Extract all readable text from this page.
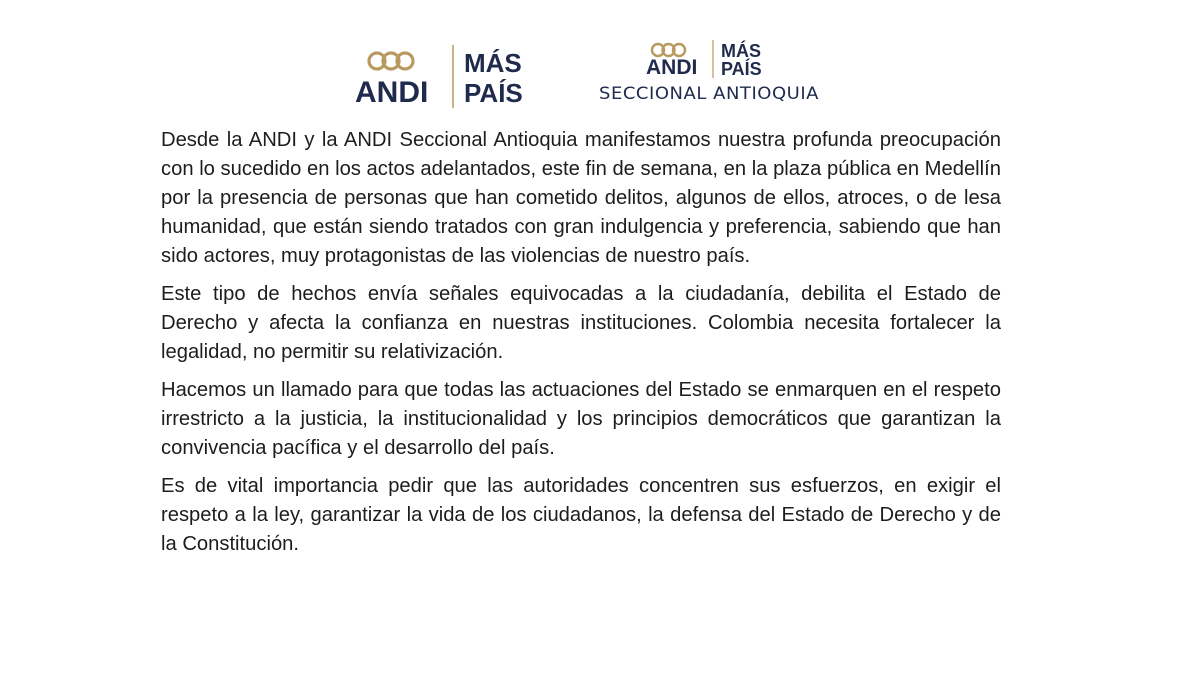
ANDI
MÁS
PAÍS
ANDI
MÁS
PAÍS
SECCIONAL ANTIOQUIA

Desde la ANDI y la ANDI Seccional Antioquia manifestamos nuestra profunda preocupación con lo sucedido en los actos adelantados, este fin de semana, en la plaza pública en Medellín por la presencia de personas que han cometido delitos, algunos de ellos, atroces, o de lesa humanidad, que están siendo tratados con gran indulgencia y preferencia, sabiendo que han sido actores, muy protagonistas de las violencias de nuestro país.

Este tipo de hechos envía señales equivocadas a la ciudadanía, debilita el Estado de Derecho y afecta la confianza en nuestras instituciones. Colombia necesita fortalecer la legalidad, no permitir su relativización.

Hacemos un llamado para que todas las actuaciones del Estado se enmarquen en el respeto irrestricto a la justicia, la institucionalidad y los principios democráticos que garantizan la convivencia pacífica y el desarrollo del país.

Es de vital importancia pedir que las autoridades concentren sus esfuerzos, en exigir el respeto a la ley, garantizar la vida de los ciudadanos, la defensa del Estado de Derecho y de la Constitución.
